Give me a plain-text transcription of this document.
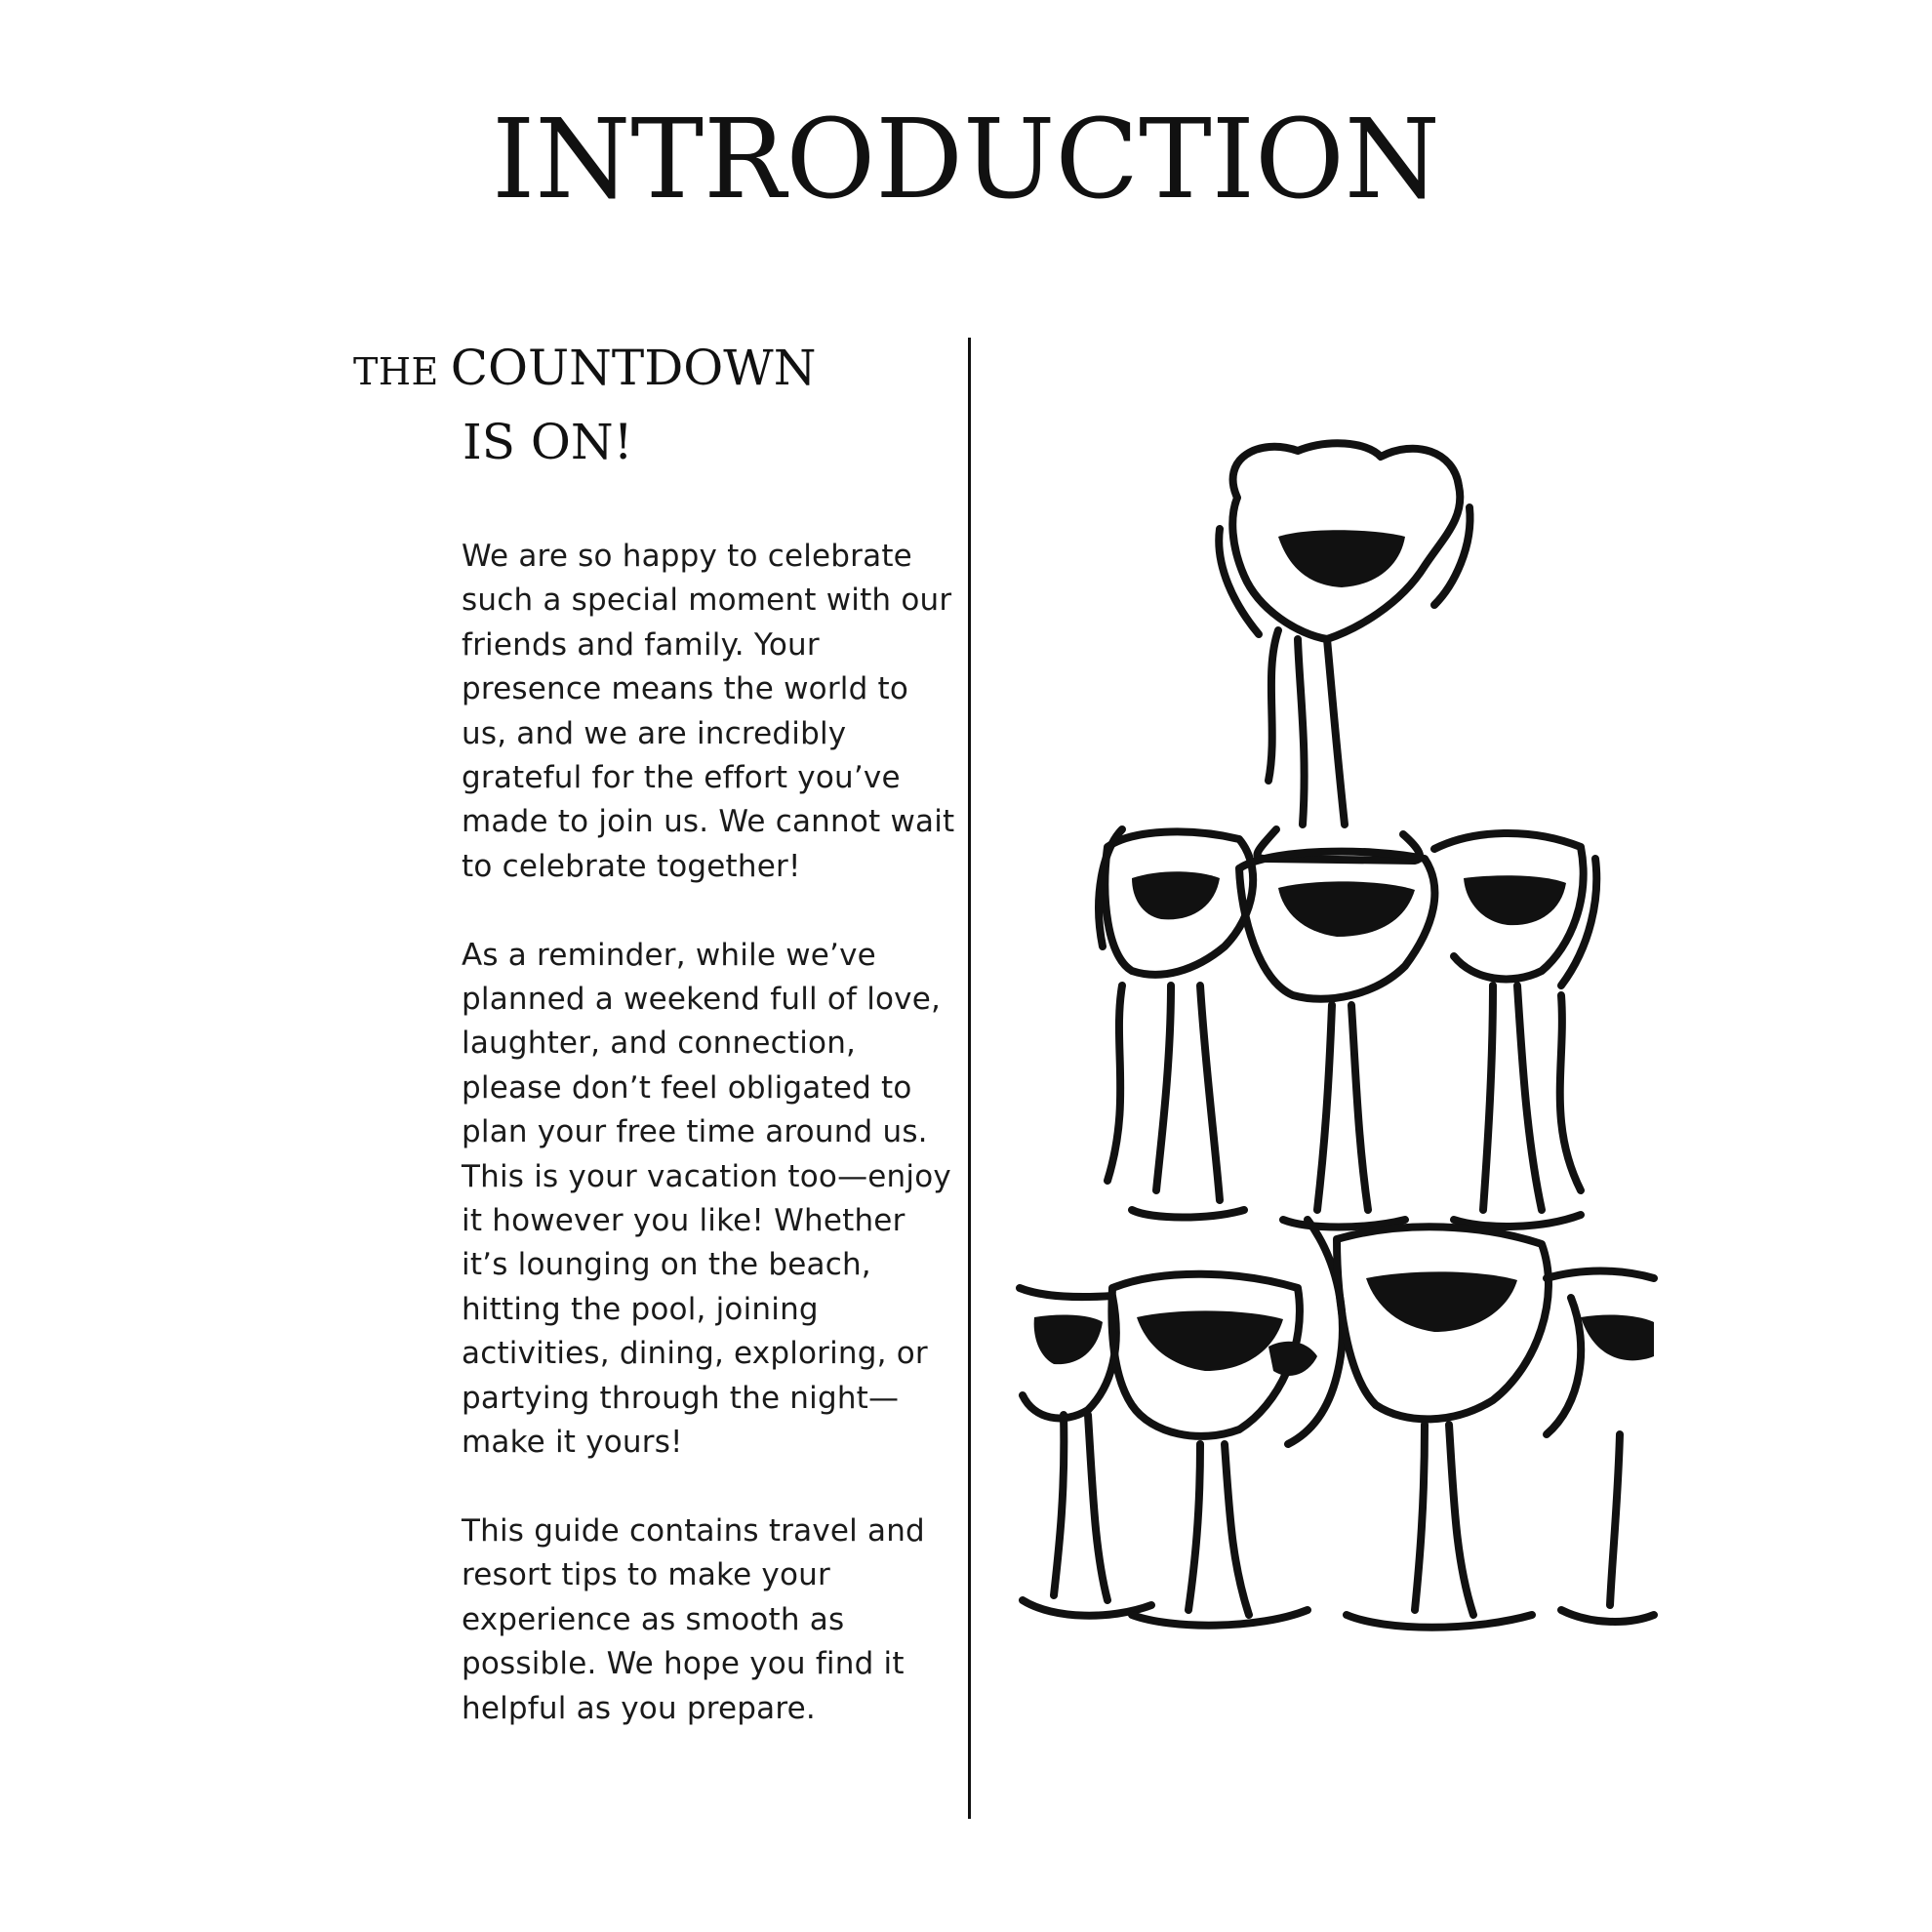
INTRODUCTION
THE COUNTDOWN
IS ON!

We are so happy to celebrate such a special moment with our friends and family. Your presence means the world to us, and we are incredibly grateful for the effort you’ve made to join us. We cannot wait to celebrate together!

As a reminder, while we’ve planned a weekend full of love, laughter, and connection, please don’t feel obligated to plan your free time around us. This is your vacation too—enjoy it however you like! Whether it’s lounging on the beach, hitting the pool, joining activities, dining, exploring, or partying through the night—make it yours!

This guide contains travel and resort tips to make your experience as smooth as possible. We hope you find it helpful as you prepare.
